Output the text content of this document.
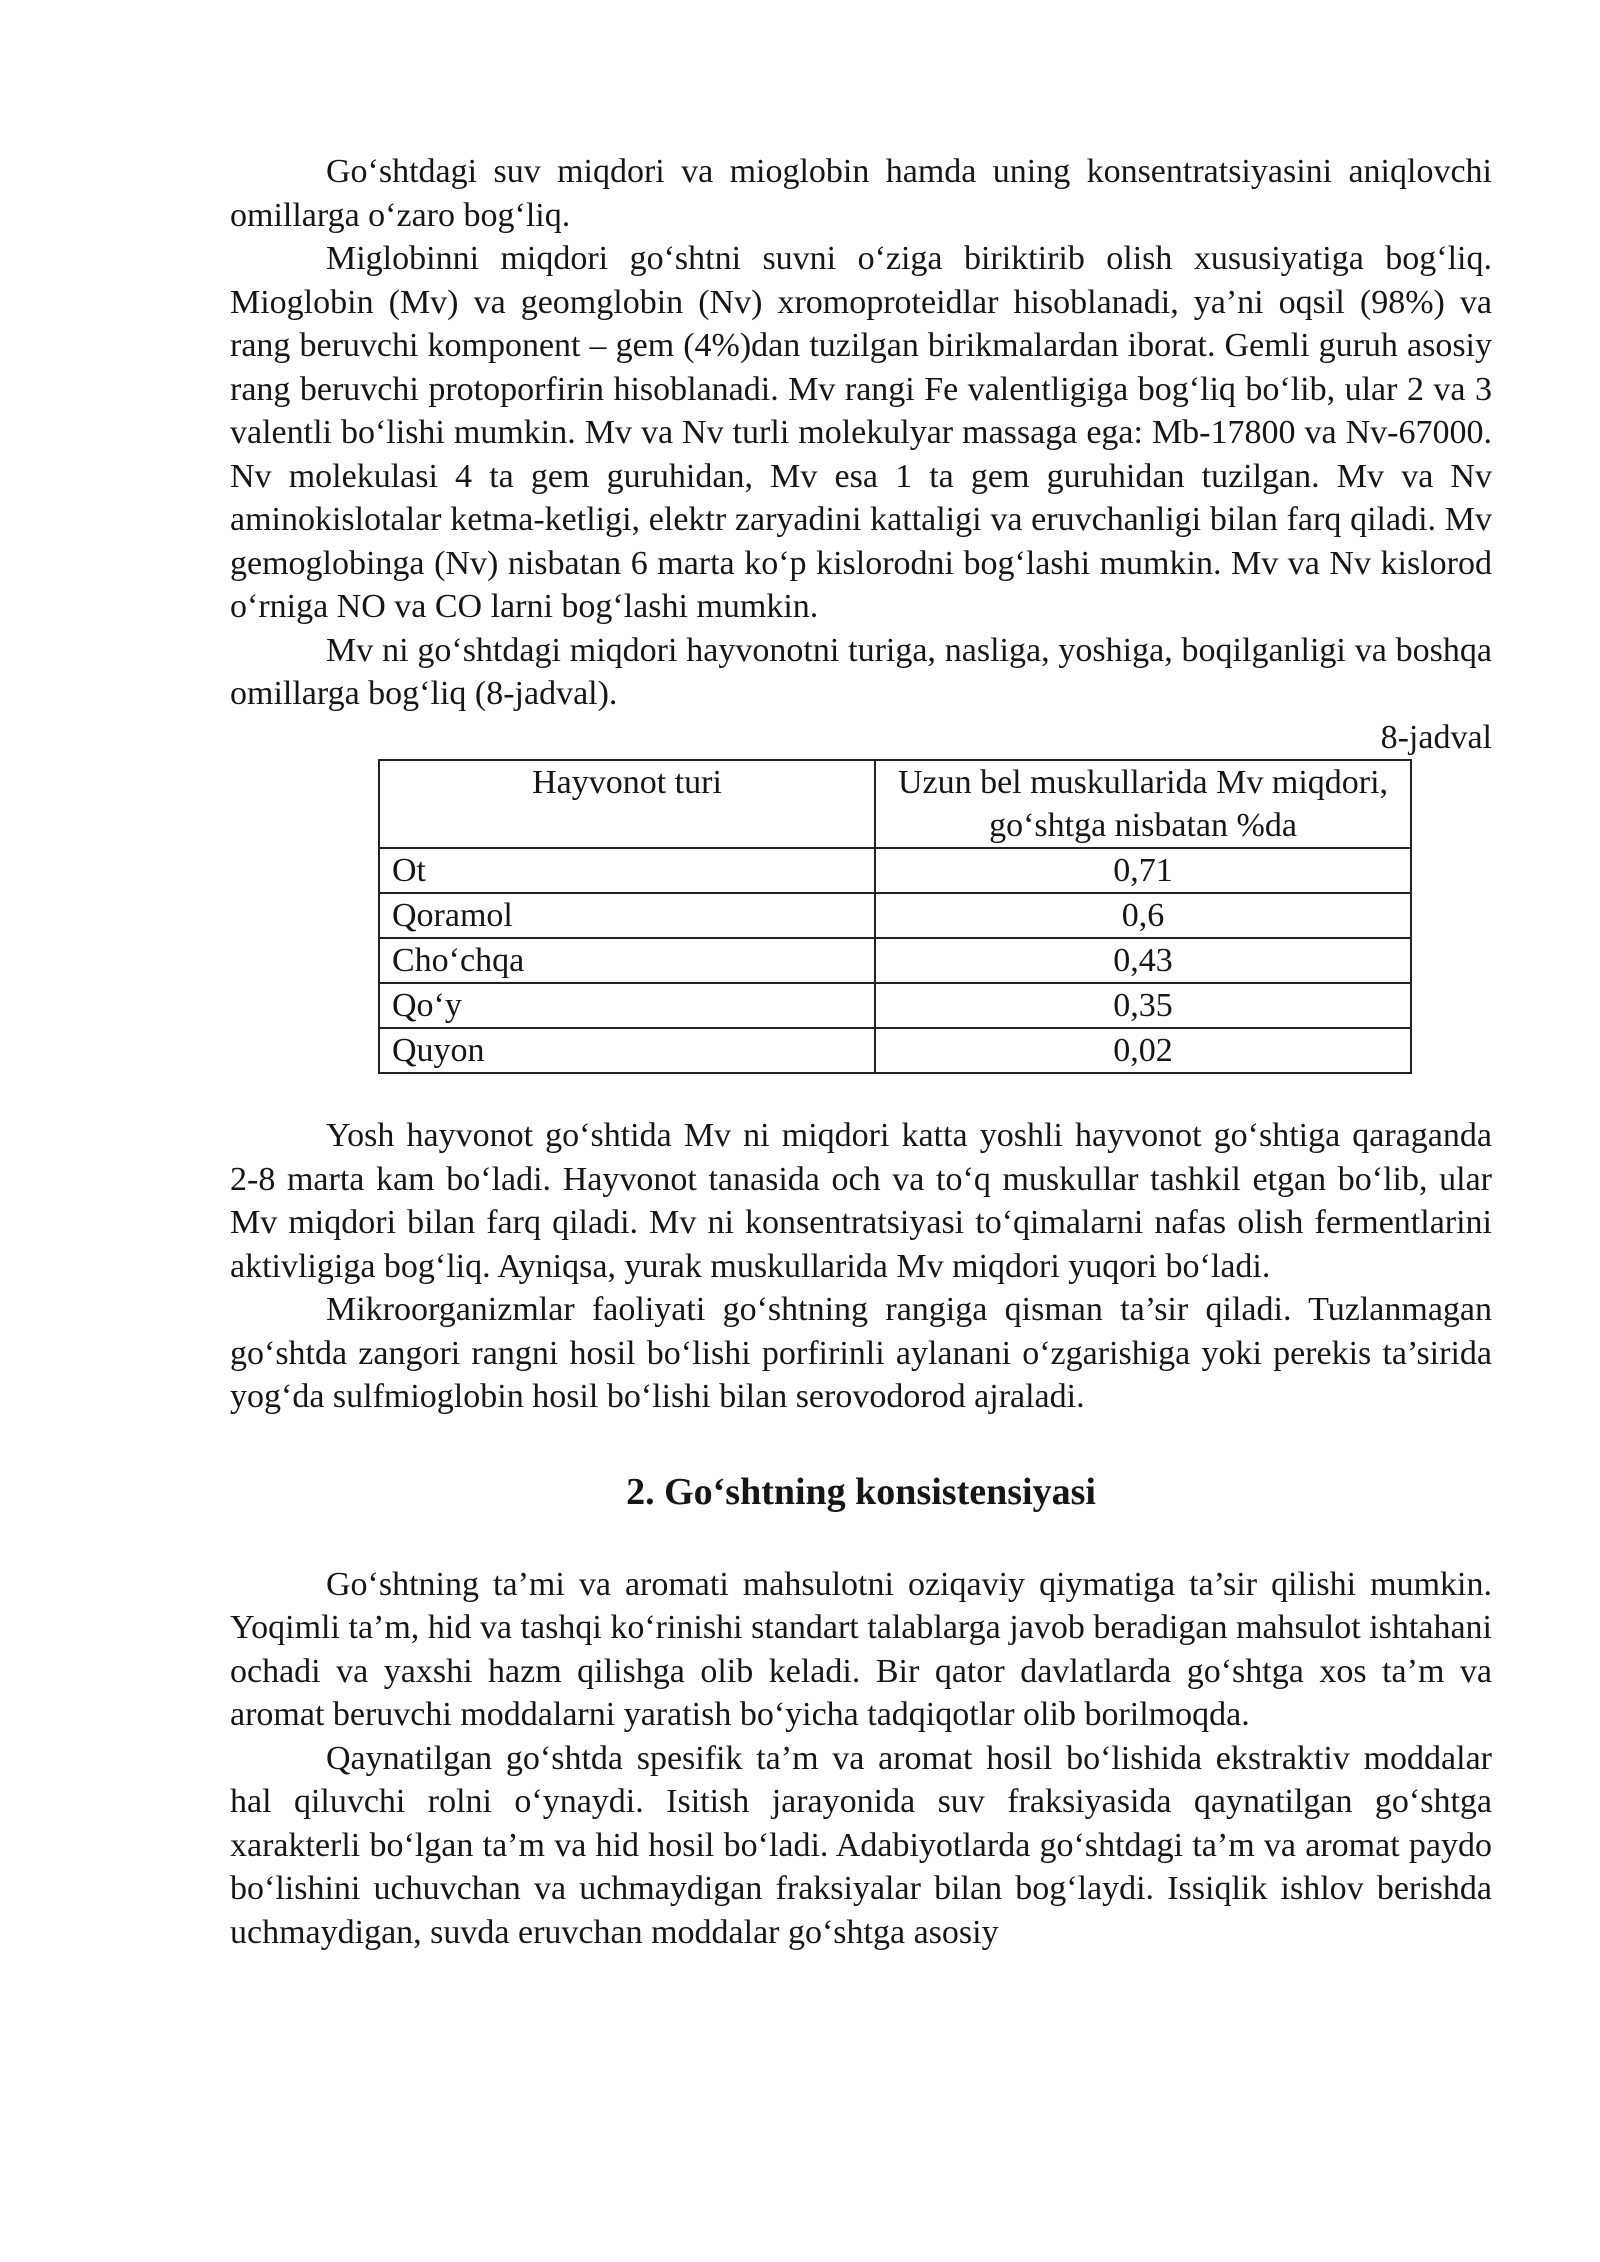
Go‘shtdagi suv miqdori va mioglobin hamda uning konsentratsiyasini aniqlovchi omillarga o‘zaro bog‘liq.

Miglobinni miqdori go‘shtni suvni o‘ziga biriktirib olish xususiyatiga bog‘liq. Mioglobin (Mv) va geomglobin (Nv) xromoproteidlar hisoblanadi, ya’ni oqsil (98%) va rang beruvchi komponent – gem (4%)dan tuzilgan birikmalardan iborat. Gemli guruh asosiy rang beruvchi protoporfirin hisoblanadi. Mv rangi Fe valentligiga bog‘liq bo‘lib, ular 2 va 3 valentli bo‘lishi mumkin. Mv va Nv turli molekulyar massaga ega: Mb-17800 va Nv-67000. Nv molekulasi 4 ta gem guruhidan, Mv esa 1 ta gem guruhidan tuzilgan. Mv va Nv aminokislotalar ketma-ketligi, elektr zaryadini kattaligi va eruvchanligi bilan farq qiladi. Mv gemoglobinga (Nv) nisbatan 6 marta ko‘p kislorodni bog‘lashi mumkin. Mv va Nv kislorod o‘rniga NO va CO larni bog‘lashi mumkin.

Mv ni go‘shtdagi miqdori hayvonotni turiga, nasliga, yoshiga, boqilganligi va boshqa omillarga bog‘liq (8-jadval).

8-jadval

Hayvonot turi	Uzun bel muskullarida Mv miqdori, go‘shtga nisbatan %da
Ot	0,71
Qoramol	0,6
Cho‘chqa	0,43
Qo‘y	0,35
Quyon	0,02

Yosh hayvonot go‘shtida Mv ni miqdori katta yoshli hayvonot go‘shtiga qaraganda 2-8 marta kam bo‘ladi. Hayvonot tanasida och va to‘q muskullar tashkil etgan bo‘lib, ular Mv miqdori bilan farq qiladi. Mv ni konsentratsiyasi to‘qimalarni nafas olish fermentlarini aktivligiga bog‘liq. Ayniqsa, yurak muskullarida Mv miqdori yuqori bo‘ladi.

Mikroorganizmlar faoliyati go‘shtning rangiga qisman ta’sir qiladi. Tuzlanmagan go‘shtda zangori rangni hosil bo‘lishi porfirinli aylanani o‘zgarishiga yoki perekis ta’sirida yog‘da sulfmioglobin hosil bo‘lishi bilan serovodorod ajraladi.

2. Go‘shtning konsistensiyasi

Go‘shtning ta’mi va aromati mahsulotni oziqaviy qiymatiga ta’sir qilishi mumkin. Yoqimli ta’m, hid va tashqi ko‘rinishi standart talablarga javob beradigan mahsulot ishtahani ochadi va yaxshi hazm qilishga olib keladi. Bir qator davlatlarda go‘shtga xos ta’m va aromat beruvchi moddalarni yaratish bo‘yicha tadqiqotlar olib borilmoqda.

Qaynatilgan go‘shtda spesifik ta’m va aromat hosil bo‘lishida ekstraktiv moddalar hal qiluvchi rolni o‘ynaydi. Isitish jarayonida suv fraksiyasida qaynatilgan go‘shtga xarakterli bo‘lgan ta’m va hid hosil bo‘ladi. Adabiyotlarda go‘shtdagi ta’m va aromat paydo bo‘lishini uchuvchan va uchmaydigan fraksiyalar bilan bog‘laydi. Issiqlik ishlov berishda uchmaydigan, suvda eruvchan moddalar go‘shtga asosiy
